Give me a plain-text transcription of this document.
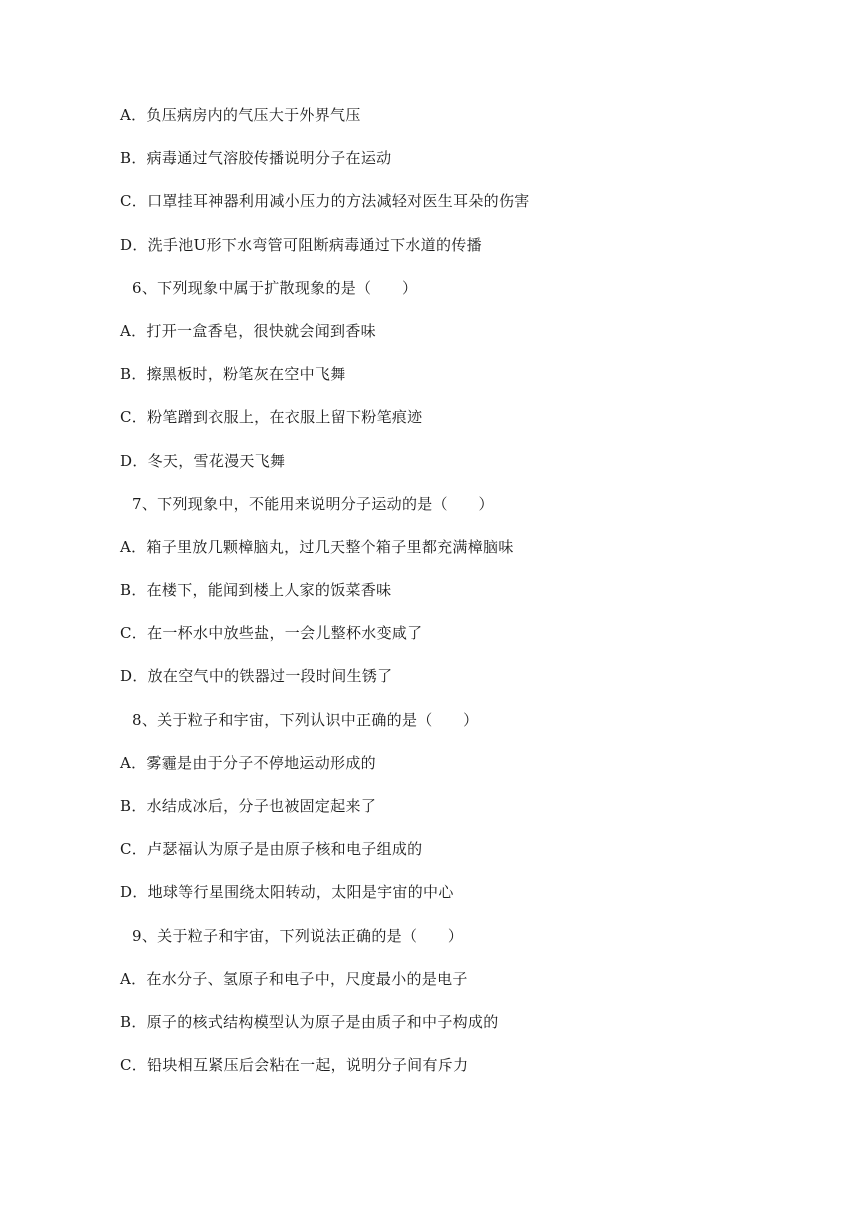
A．负压病房内的气压大于外界气压
B．病毒通过气溶胶传播说明分子在运动
C．口罩挂耳神器利用减小压力的方法减轻对医生耳朵的伤害
D．洗手池U形下水弯管可阻断病毒通过下水道的传播
6、下列现象中属于扩散现象的是（　　）
A．打开一盒香皂，很快就会闻到香味
B．擦黑板时，粉笔灰在空中飞舞
C．粉笔蹭到衣服上，在衣服上留下粉笔痕迹
D．冬天，雪花漫天飞舞
7、下列现象中，不能用来说明分子运动的是（　　）
A．箱子里放几颗樟脑丸，过几天整个箱子里都充满樟脑味
B．在楼下，能闻到楼上人家的饭菜香味
C．在一杯水中放些盐，一会儿整杯水变咸了
D．放在空气中的铁器过一段时间生锈了
8、关于粒子和宇宙，下列认识中正确的是（　　）
A．雾霾是由于分子不停地运动形成的
B．水结成冰后，分子也被固定起来了
C．卢瑟福认为原子是由原子核和电子组成的
D．地球等行星围绕太阳转动，太阳是宇宙的中心
9、关于粒子和宇宙，下列说法正确的是（　　）
A．在水分子、氢原子和电子中，尺度最小的是电子
B．原子的核式结构模型认为原子是由质子和中子构成的
C．铅块相互紧压后会粘在一起，说明分子间有斥力
